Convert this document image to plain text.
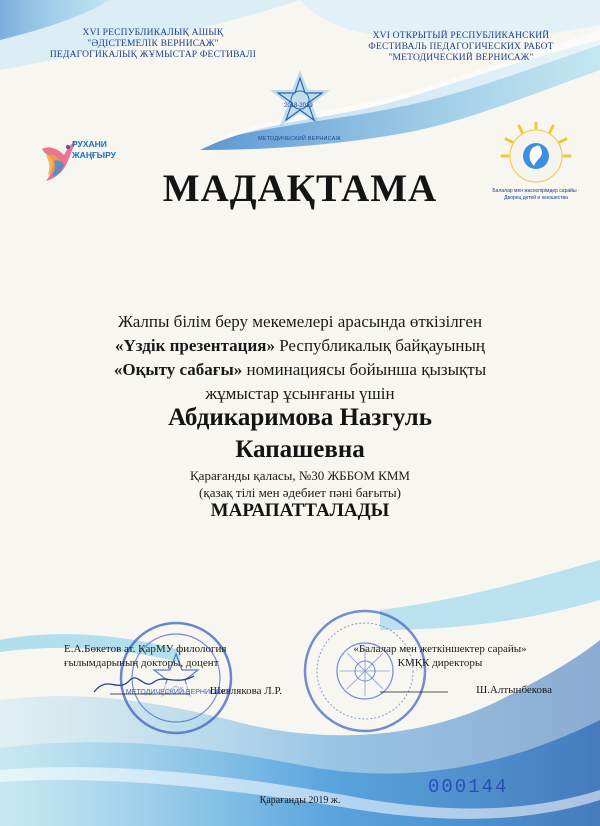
XVI РЕСПУБЛИКАЛЫҚ АШЫҚ
"ӘДІСТЕМЕЛІК ВЕРНИСАЖ"
ПЕДАГОГИКАЛЫҚ ЖҰМЫСТАР ФЕСТИВАЛІ
XVI ОТКРЫТЫЙ РЕСПУБЛИКАНСКИЙ
ФЕСТИВАЛЬ ПЕДАГОГИЧЕСКИХ РАБОТ
"МЕТОДИЧЕСКИЙ ВЕРНИСАЖ"
2018-2019
МЕТОДИЧЕСКИЙ ВЕРНИСАЖ
РУХАНИ
ЖАҢҒЫРУ
Балалар мен жасөспірімдер сарайы · Дворец детей и юношества
МАДАҚТАМА

Жалпы білім беру мекемелері арасында өткізілген

«Үздік презентация» Республикалық байқауының

«Оқыту сабағы» номинациясы бойынша қызықты

жұмыстар ұсынғаны үшін

Абдикаримова Назгуль
Капашевна
Қарағанды қаласы, №30 ЖББОМ КММ
(қазақ тілі мен әдебиет пәні бағыты)
МАРАПАТТАЛАДЫ
МЕТОДИЧЕСКИЙ ВЕРНИСАЖ
Е.А.Бөкетов ат. ҚарМУ филология
ғылымдарының докторы, доцент
Шевлякова Л.Р.
«Балалар мен жеткіншектер сарайы»
КМҚК директоры
Ш.Алтынбекова
000144
Қарағанды 2019 ж.
